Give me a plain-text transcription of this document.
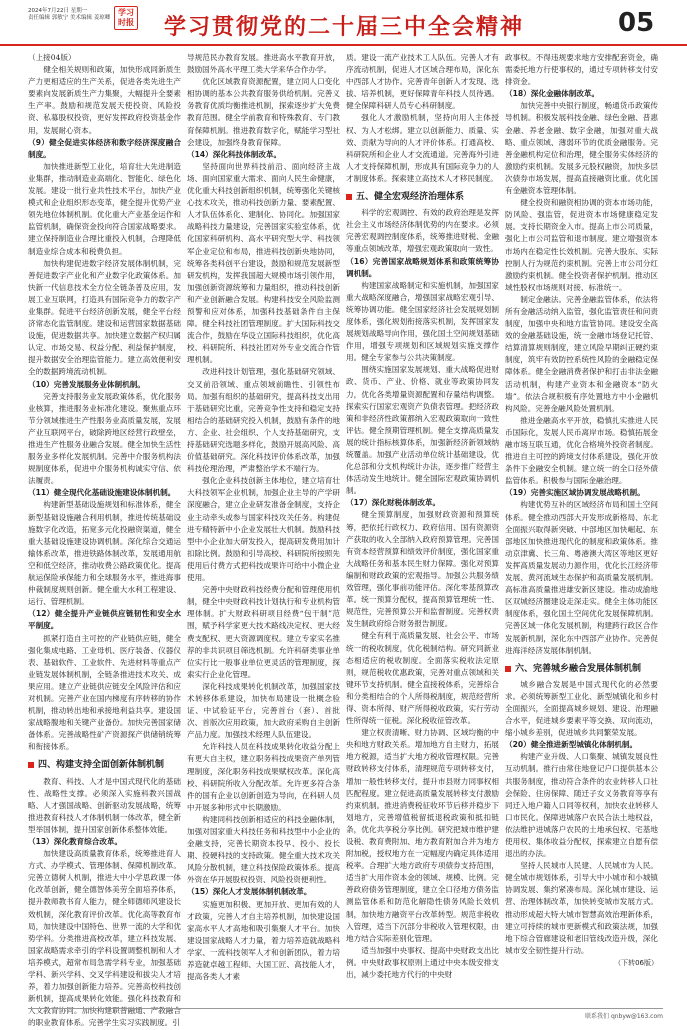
2024年7月22日 星期一
责任编辑 郭敏宁 美术编辑 姜琼卿
学习
时报 学习贯彻党的二十届三中全会精神	05

（上接04版）

健全相关规则和政策，加快形成同新质生产力更相适应的生产关系，促进各类先进生产要素向发展新质生产力集聚，大幅提升全要素生产率。鼓励和规范发展天使投资、风险投资、私募股权投资，更好发挥政府投资基金作用，发展耐心资本。

（9）健全促进实体经济和数字经济深度融合制度。

加快推进新型工业化，培育壮大先进制造业集群，推动制造业高端化、智能化、绿色化发展。建设一批行业共性技术平台，加快产业模式和企业组织形态变革，健全提升优势产业领先地位体制机制。优化重大产业基金运作和监管机制，确保资金投向符合国家战略要求。建立保持制造业合理比重投入机制，合理降低制造业综合成本和税费负担。

加快构建促进数字经济发展体制机制，完善促进数字产业化和产业数字化政策体系。加快新一代信息技术全方位全链条普及应用，发展工业互联网，打造具有国际竞争力的数字产业集群。促进平台经济创新发展，健全平台经济常态化监管制度。建设和运营国家数据基础设施，促进数据共享。加快建立数据产权归属认定、市场交易、权益分配、利益保护制度，提升数据安全治理监管能力。建立高效便利安全的数据跨境流动机制。

（10）完善发展服务业体制机制。

完善支持服务业发展政策体系，优化服务业核算，推进服务业标准化建设。聚焦重点环节分领域推进生产性服务业高质量发展，发展产业互联网平台，破除跨地区经营行政壁垒，推进生产性服务业融合发展。健全加快生活性服务业多样化发展机制。完善中介服务机构法规制度体系，促进中介服务机构诚实守信、依法履责。

（11）健全现代化基础设施建设体制机制。

构建新型基础设施规划和标准体系，健全新型基础设施融合利用机制，推进传统基础设施数字化改造，拓宽多元化投融资渠道，健全重大基础设施建设协调机制。深化综合交通运输体系改革，推进铁路体制改革，发展通用航空和低空经济，推动收费公路政策优化。提高航运保险承保能力和全球服务水平，推进海事仲裁制度规则创新。健全重大水利工程建设、运行、管理机制。

（12）健全提升产业链供应链韧性和安全水平制度。

抓紧打造自主可控的产业链供应链，健全强化集成电路、工业母机、医疗装备、仪器仪表、基础软件、工业软件、先进材料等重点产业链发展体制机制，全链条推进技术攻关、成果应用。建立产业链供应链安全风险评估和应对机制。完善产业在国内梯度有序转移的协作机制，推动转出地和承接地利益共享。建设国家战略腹地和关键产业备份。加快完善国家储备体系。完善战略性矿产资源探产供储销统筹和衔接体系。

四、构建支持全面创新体制机制

教育、科技、人才是中国式现代化的基础性、战略性支撑。必须深入实施科教兴国战略、人才强国战略、创新驱动发展战略，统筹推进教育科技人才体制机制一体改革，健全新型举国体制，提升国家创新体系整体效能。

（13）深化教育综合改革。

加快建设高质量教育体系，统筹推进育人方式、办学模式、管理体制、保障机制改革。完善立德树人机制，推进大中小学思政课一体化改革创新，健全德智体美劳全面培养体系，提升教师教书育人能力，健全师德师风建设长效机制，深化教育评价改革。优化高等教育布局，加快建设中国特色、世界一流的大学和优势学科。分类推进高校改革，建立科技发展、国家战略需求牵引的学科设置调整机制和人才培养模式，超常布局急需学科专业，加强基础学科、新兴学科、交叉学科建设和拔尖人才培养，着力加强创新能力培养。完善高校科技创新机制，提高成果转化效能。强化科技教育和人文教育协同。加快构建职普融通、产教融合的职业教育体系。完善学生实习实践制度。引

导规范民办教育发展。推进高水平教育开放，鼓励国外高水平理工类大学来华合作办学。

优化区域教育资源配置，建立同人口变化相协调的基本公共教育服务供给机制。完善义务教育优质均衡推进机制，探索逐步扩大免费教育范围。健全学前教育和特殊教育、专门教育保障机制。推进教育数字化，赋能学习型社会建设，加强终身教育保障。

（14）深化科技体制改革。

坚持面向世界科技前沿、面向经济主战场、面向国家重大需求、面向人民生命健康，优化重大科技创新组织机制，统筹强化关键核心技术攻关，推动科技创新力量、要素配置、人才队伍体系化、建制化、协同化。加强国家战略科技力量建设，完善国家实验室体系，优化国家科研机构、高水平研究型大学、科技领军企业定位和布局，推进科技创新央地协同，统筹各类科创平台建设，鼓励和规范发展新型研发机构，发挥我国超大规模市场引领作用，加强创新资源统筹和力量组织，推动科技创新和产业创新融合发展。构建科技安全风险监测预警和应对体系，加强科技基础条件自主保障。健全科技社团管理制度。扩大国际科技交流合作，鼓励在华设立国际科技组织，优化高校、科研院所、科技社团对外专业交流合作管理机制。

改进科技计划管理，强化基础研究领域、交叉前沿领域、重点领域前瞻性、引领性布局。加强有组织的基础研究，提高科技支出用于基础研究比重，完善竞争性支持和稳定支持相结合的基础研究投入机制，鼓励有条件的地方、企业、社会组织、个人支持基础研究，支持基础研究选题多样化，鼓励开展高风险、高价值基础研究。深化科技评价体系改革，加强科技伦理治理，严肃整治学术不端行为。

强化企业科技创新主体地位，建立培育壮大科技领军企业机制，加强企业主导的产学研深度融合，建立企业研发准备金制度，支持企业主动牵头或参与国家科技攻关任务。构建促进专精特新中小企业发展壮大机制。鼓励科技型中小企业加大研发投入，提高研发费用加计扣除比例。鼓励和引导高校、科研院所按照先使用后付费方式把科技成果许可给中小微企业使用。

完善中央财政科技经费分配和管理使用机制，健全中央财政科技计划执行和专业机构管理体制。扩大财政科研项目经费“包干制”范围，赋予科学家更大技术路线决定权、更大经费支配权、更大资源调度权。建立专家实名推荐的非共识项目筛选机制。允许科研类事业单位实行比一般事业单位更灵活的管理制度，探索实行企业化管理。

深化科技成果转化机制改革，加强国家技术转移体系建设，加快布局建设一批概念验证、中试验证平台，完善首台（套）、首批次、首版次应用政策，加大政府采购自主创新产品力度。加强技术经理人队伍建设。

允许科技人员在科技成果转化收益分配上有更大自主权，建立职务科技成果资产单列管理制度，深化职务科技成果赋权改革。深化高校、科研院所收入分配改革。允许更多符合条件的国有企业以创新创造为导向，在科研人员中开展多种形式中长期激励。

构建同科技创新相适应的科技金融体制，加强对国家重大科技任务和科技型中小企业的金融支持，完善长期资本投早、投小、投长期、投硬科技的支持政策。健全重大技术攻关风险分散机制，建立科技保险政策体系。提高外资在华开展股权投资、风险投资便利性。

（15）深化人才发展体制机制改革。

实施更加积极、更加开放、更加有效的人才政策，完善人才自主培养机制，加快建设国家高水平人才高地和吸引集聚人才平台。加快建设国家战略人才力量，着力培养造就战略科学家、一流科技领军人才和创新团队，着力培养造就卓越工程师、大国工匠、高技能人才，提高各类人才素

质。建设一流产业技术工人队伍。完善人才有序流动机制，促进人才区域合理布局，深化东中西部人才协作。完善青年创新人才发现、选拔、培养机制，更好保障青年科技人员待遇。健全保障科研人员专心科研制度。

强化人才激励机制，坚持向用人主体授权、为人才松绑。建立以创新能力、质量、实效、贡献为导向的人才评价体系。打通高校、科研院所和企业人才交流通道。完善海外引进人才支持保障机制，形成具有国际竞争力的人才制度体系。探索建立高技术人才移民制度。

五、健全宏观经济治理体系

科学的宏观调控、有效的政府治理是发挥社会主义市场经济体制优势的内在要求。必须完善宏观调控制度体系，统筹推进财税、金融等重点领域改革，增强宏观政策取向一致性。

（16）完善国家战略规划体系和政策统筹协调机制。

构建国家战略制定和实施机制，加强国家重大战略深度融合，增强国家战略宏观引导、统筹协调功能。健全国家经济社会发展规划制度体系，强化规划衔接落实机制，发挥国家发展规划战略导向作用，强化国土空间规划基础作用，增强专项规划和区域规划实施支撑作用。健全专家参与公共决策制度。

围绕实施国家发展规划、重大战略促进财政、货币、产业、价格、就业等政策协同发力，优化各类增量资源配置和存量结构调整。探索实行国家宏观资产负债表管理。把经济政策和非经济性政策都纳入宏观政策取向一致性评估。健全预期管理机制。健全支撑高质量发展的统计指标核算体系，加强新经济新领域纳统覆盖。加强产业活动单位统计基础建设，优化总部和分支机构统计办法，逐步推广经营主体活动发生地统计。健全国际宏观政策协调机制。

（17）深化财税体制改革。

健全预算制度，加强财政资源和预算统筹，把依托行政权力、政府信用、国有资源资产获取的收入全部纳入政府预算管理。完善国有资本经营预算和绩效评价制度，强化国家重大战略任务和基本民生财力保障。强化对预算编制和财政政策的宏观指导。加强公共服务绩效管理，强化事前功能评估。深化零基预算改革。统一预算分配权，提高预算管理统一性、规范性，完善预算公开和监督制度。完善权责发生制政府综合财务报告制度。

健全有利于高质量发展、社会公平、市场统一的税收制度，优化税制结构。研究同新业态相适应的税收制度。全面落实税收法定原则，规范税收优惠政策，完善对重点领域和关键环节支持机制。健全直接税体系，完善综合和分类相结合的个人所得税制度，规范经营所得、资本所得、财产所得税收政策，实行劳动性所得统一征税。深化税收征管改革。

建立权责清晰、财力协调、区域均衡的中央和地方财政关系。增加地方自主财力，拓展地方税源，适当扩大地方税收管理权限。完善财政转移支付体系，清理规范专项转移支付，增加一般性转移支付，提升市县财力同事权相匹配程度。建立促进高质量发展转移支付激励约束机制。推进消费税征收环节后移并稳步下划地方，完善增值税留抵退税政策和抵扣链条，优化共享税分享比例。研究把城市维护建设税、教育费附加、地方教育附加合并为地方附加税，授权地方在一定幅度内确定具体适用税率。合理扩大地方政府专项债券支持范围，适当扩大用作资本金的领域、规模、比例。完善政府债务管理制度，建立全口径地方债务监测监管体系和防范化解隐性债务风险长效机制，加快地方融资平台改革转型。规范非税收入管理，适当下沉部分非税收入管理权限，由地方结合实际差别化管理。

适当加强中央事权、提高中央财政支出比例。中央财政事权原则上通过中央本级安排支出，减少委托地方代行的中央财

政事权。不得违规要求地方安排配套资金，确需委托地方行使事权的，通过专项转移支付安排资金。

（18）深化金融体制改革。

加快完善中央银行制度，畅通货币政策传导机制。积极发展科技金融、绿色金融、普惠金融、养老金融、数字金融，加强对重大战略、重点领域、薄弱环节的优质金融服务。完善金融机构定位和治理，健全服务实体经济的激励约束机制。发展多元股权融资，加快多层次债券市场发展，提高直接融资比重。优化国有金融资本管理体制。

健全投资和融资相协调的资本市场功能，防风险、强监管，促进资本市场健康稳定发展。支持长期资金入市。提高上市公司质量，强化上市公司监管和退市制度。建立增强资本市场内在稳定性长效机制。完善大股东、实际控制人行为规范约束机制。完善上市公司分红激励约束机制。健全投资者保护机制。推动区域性股权市场规则对接、标准统一。

制定金融法。完善金融监管体系，依法将所有金融活动纳入监管，强化监管责任和问责制度，加强中央和地方监管协同。建设安全高效的金融基础设施，统一金融市场登记托管、结算清算规则制度，建立风险早期纠正硬约束制度，筑牢有效防控系统性风险的金融稳定保障体系。健全金融消费者保护和打击非法金融活动机制，构建产业资本和金融资本“防火墙”。依法合规积极有序处置地方中小金融机构风险。完善金融风险处置机制。

推进金融高水平开放，稳慎扎实推进人民币国际化，发展人民币离岸市场。稳慎拓展金融市场互联互通，优化合格境外投资者制度。推进自主可控的跨境支付体系建设，强化开放条件下金融安全机制。建立统一的全口径外债监管体系。积极参与国际金融治理。

（19）完善实施区域协调发展战略机制。

构建优势互补的区域经济布局和国土空间体系。健全推动西部大开发形成新格局、东北全面振兴取得新突破、中部地区加快崛起、东部地区加快推进现代化的制度和政策体系。推动京津冀、长三角、粤港澳大湾区等地区更好发挥高质量发展动力源作用，优化长江经济带发展、黄河流域生态保护和高质量发展机制。高标准高质量推进雄安新区建设。推动成渝地区双城经济圈建设走深走实。健全主体功能区制度体系，强化国土空间优化发展保障机制。完善区域一体化发展机制，构建跨行政区合作发展新机制，深化东中西部产业协作。完善促进海洋经济发展体制机制。

六、完善城乡融合发展体制机制

城乡融合发展是中国式现代化的必然要求。必须统筹新型工业化、新型城镇化和乡村全面振兴，全面提高城乡规划、建设、治理融合水平，促进城乡要素平等交换、双向流动，缩小城乡差别，促进城乡共同繁荣发展。

（20）健全推进新型城镇化体制机制。

构建产业升级、人口集聚、城镇发展良性互动机制。推行由常住地登记户口提供基本公共服务制度，推动符合条件的农业转移人口社会保险、住房保障、随迁子女义务教育等享有同迁入地户籍人口同等权利，加快农业转移人口市民化。保障进城落户农民合法土地权益，依法维护进城落户农民的土地承包权、宅基地使用权、集体收益分配权，探索建立自愿有偿退出的办法。

坚持人民城市人民建、人民城市为人民。健全城市规划体系，引导大中小城市和小城镇协调发展、集约紧凑布局。深化城市建设、运营、治理体制改革，加快转变城市发展方式。推动形成超大特大城市智慧高效治理新体系，建立可持续的城市更新模式和政策法规，加强地下综合管廊建设和老旧管线改造升级，深化城市安全韧性提升行动。

（下转06版）

联系我们 qnbyw@163.com
